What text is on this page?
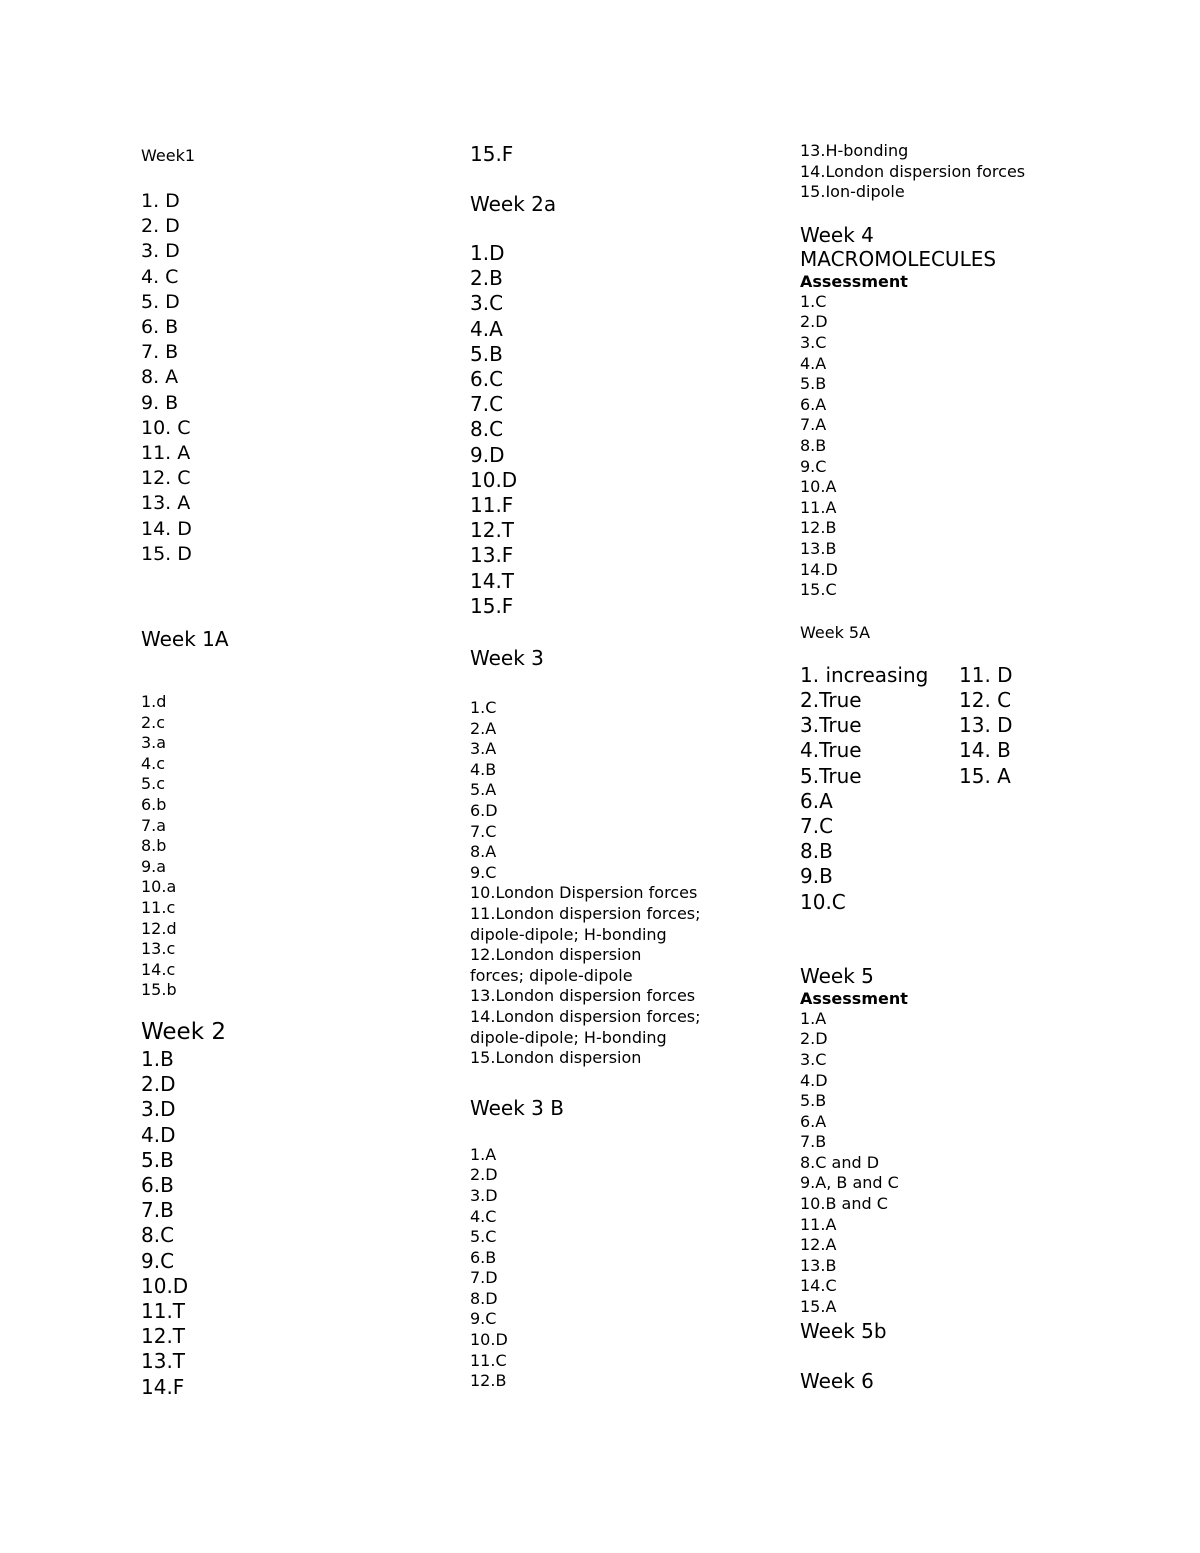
Week1
1. D
2. D
3. D
4. C
5. D
6. B
7. B
8. A
9. B
10. C
11. A
12. C
13. A
14. D
15. D
Week 1A
1.d
2.c
3.a
4.c
5.c
6.b
7.a
8.b
9.a
10.a
11.c
12.d
13.c
14.c
15.b
Week 2
1.B
2.D
3.D
4.D
5.B
6.B
7.B
8.C
9.C
10.D
11.T
12.T
13.T
14.F
15.F
Week 2a
1.D
2.B
3.C
4.A
5.B
6.C
7.C
8.C
9.D
10.D
11.F
12.T
13.F
14.T
15.F
Week 3
1.C
2.A
3.A
4.B
5.A
6.D
7.C
8.A
9.C
10.London Dispersion forces
11.London dispersion forces;
dipole-dipole; H-bonding
12.London dispersion
forces; dipole-dipole
13.London dispersion forces
14.London dispersion forces;
dipole-dipole; H-bonding
15.London dispersion
Week 3 B
1.A
2.D
3.D
4.C
5.C
6.B
7.D
8.D
9.C
10.D
11.C
12.B
13.H-bonding
14.London dispersion forces
15.Ion-dipole
Week 4
MACROMOLECULES
Assessment
1.C
2.D
3.C
4.A
5.B
6.A
7.A
8.B
9.C
10.A
11.A
12.B
13.B
14.D
15.C
Week 5A
1. increasing	11. D
2.True	12. C
3.True	13. D
4.True	14. B
5.True	15. A
6.A
7.C
8.B
9.B
10.C
Week 5
Assessment
1.A
2.D
3.C
4.D
5.B
6.A
7.B
8.C and D
9.A, B and C
10.B and C
11.A
12.A
13.B
14.C
15.A
Week 5b
Week 6
